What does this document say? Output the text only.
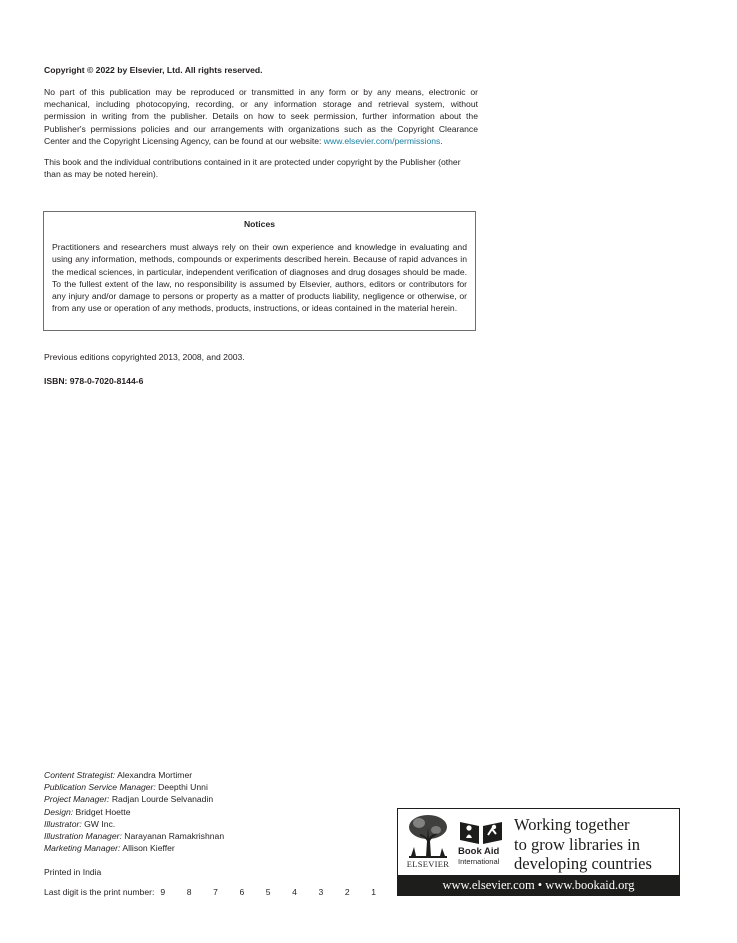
Copyright © 2022 by Elsevier, Ltd. All rights reserved.

No part of this publication may be reproduced or transmitted in any form or by any means, electronic or mechanical, including photocopying, recording, or any information storage and retrieval system, without permission in writing from the publisher. Details on how to seek permission, further information about the Publisher's permissions policies and our arrangements with organizations such as the Copyright Clearance Center and the Copyright Licensing Agency, can be found at our website: www.elsevier.com/permissions.

This book and the individual contributions contained in it are protected under copyright by the Publisher (other than as may be noted herein).

Notices

Practitioners and researchers must always rely on their own experience and knowledge in evaluating and using any information, methods, compounds or experiments described herein. Because of rapid advances in the medical sciences, in particular, independent verification of diagnoses and drug dosages should be made. To the fullest extent of the law, no responsibility is assumed by Elsevier, authors, editors or contributors for any injury and/or damage to persons or property as a matter of products liability, negligence or otherwise, or from any use or operation of any methods, products, instructions, or ideas contained in the material herein.

Previous editions copyrighted 2013, 2008, and 2003.

ISBN: 978-0-7020-8144-6

Content Strategist: Alexandra Mortimer
Publication Service Manager: Deepthi Unni
Project Manager: Radjan Lourde Selvanadin
Design: Bridget Hoette
Illustrator: GW Inc.
Illustration Manager: Narayanan Ramakrishnan
Marketing Manager: Allison Kieffer

Printed in India

Last digit is the print number: 9 8 7 6 5 4 3 2 1

ELSEVIER
Book Aid
International
Working together
to grow libraries in
developing countries
www.elsevier.com • www.bookaid.org
